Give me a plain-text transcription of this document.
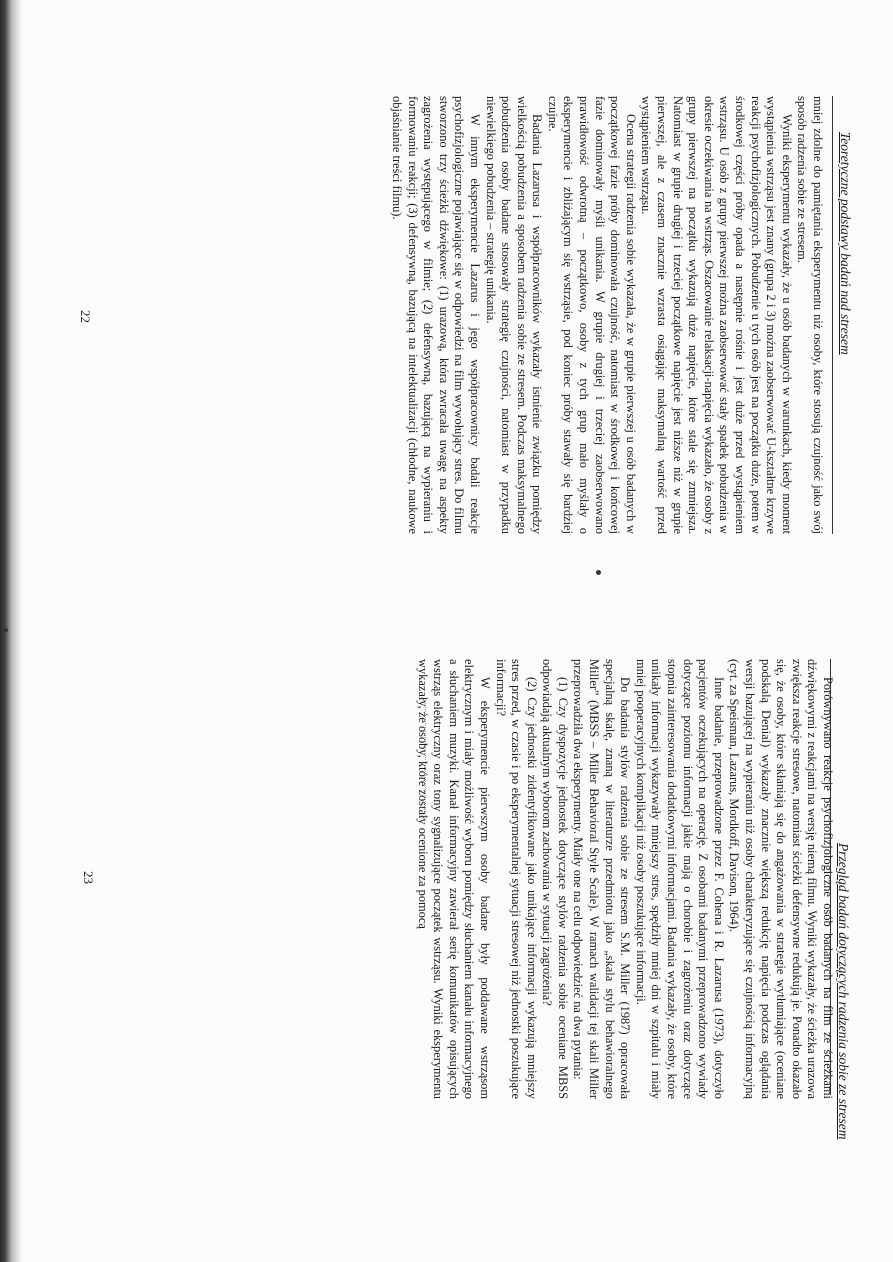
Teoretyczne podstawy badań nad stresem

mniej zdolne do pamiętania eksperymentu niż osoby, które stosują czujność jako swój sposób radzenia sobie ze stresem.

Wyniki eksperymentu wykazały, że u osób badanych w warunkach, kiedy moment wystąpienia wstrząsu jest znany (grupa 2 i 3) można zaobserwować U-kształtne krzywe reakcji psychofizjologicznych. Pobudzenie u tych osób jest na początku duże, potem w środkowej części próby opada a następnie rośnie i jest duże przed wystąpieniem wstrząsu. U osób z grupy pierwszej można zaobserwować stały spadek pobudzenia w okresie oczekiwania na wstrząs. Oszacowanie relaksacji-napięcia wykazało, że osoby z grupy pierwszej na początku wykazują duże napięcie, które stale się zmniejsza. Natomiast w grupie drugiej i trzeciej początkowe napięcie jest niższe niż w grupie pierwszej, ale z czasem znacznie wzrasta osiągając maksymalną wartość przed wystąpieniem wstrząsu.

Ocena strategii radzenia sobie wykazała, że w grupie pierwszej u osób badanych w początkowej fazie próby dominowała czujność, natomiast w środkowej i końcowej fazie dominowały myśli unikania. W grupie drugiej i trzeciej zaobserwowano prawidłowość odwrotną – początkowo, osoby z tych grup mało myślały o eksperymencie i zbliżającym się wstrząsie, pod koniec próby stawały się bardziej czujne.

Badania Lazarusa i współpracowników wykazały istnienie związku pomiędzy wielkością pobudzenia a sposobem radzenia sobie ze stresem. Podczas maksymalnego pobudzenia osoby badane stosowały strategię czujności, natomiast w przypadku niewielkiego pobudzenia – strategię unikania.

W innym eksperymencie Lazarus i jego współpracownicy badali reakcje psychofizjologiczne pojawiające się w odpowiedzi na film wywołujący stres. Do filmu stworzono trzy ścieżki dźwiękowe: (1) urazową, która zwracała uwagę na aspekty zagrożenia występującego w filmie; (2) defensywną, bazującą na wypieraniu i formowaniu reakcji; (3) defensywną, bazującą na intelektualizacji (chłodne, naukowe objaśnianie treści filmu).

22
Przegląd badań dotyczących radzenia sobie ze stresem

Porównywano reakcje psychofizjologiczne osób badanych na film ze ścieżkami dźwiękowymi z reakcjami na wersję niemą filmu. Wyniki wykazały, że ścieżka urazowa zwiększa reakcje stresowe, natomiast ścieżki defensywne redukują je. Ponadto okazało się, że osoby, które skłaniają się do angażowania w strategie wytłumiające (oceniane podskalą Denial) wykazały znacznie większą redukcję napięcia podczas oglądania wersji bazującej na wypieraniu niż osoby charakteryzujące się czujnością informacyjną (cyt. za Speisman, Lazarus, Mordkoff, Davison, 1964).

Inne badanie, przeprowadzone przez F. Cohena i R. Lazarusa (1973), dotyczyło pacjentów oczekujących na operację. Z osobami badanymi przeprowadzono wywiady dotyczące poziomu informacji jakie mają o chorobie i zagrożeniu oraz dotyczące stopnia zainteresowania dodatkowymi informacjami. Badania wykazały, że osoby, które unikały informacji wykazywały mniejszy stres, spędziły mniej dni w szpitalu i miały mniej pooperacyjnych komplikacji niż osoby poszukujące informacji.

Do badania stylów radzenia sobie ze stresem S.M. Miller (1987) opracowała specjalną skalę, znaną w literaturze przedmiotu jako „skala stylu behawioralnego Miller” (MBSS – Miller Behavioral Style Scale). W ramach walidacji tej skali Miller przeprowadziła dwa eksperymenty. Miały one na celu odpowiedzieć na dwa pytania:

(1) Czy dyspozycje jednostek dotyczące stylów radzenia sobie oceniane MBSS odpowiadają aktualnym wyborom zachowania w sytuacji zagrożenia?

(2) Czy jednostki zidentyfikowane jako unikające informacji wykazują mniejszy stres przed, w czasie i po eksperymentalnej sytuacji stresowej niż jednostki poszukujące informacji?

W eksperymencie pierwszym osoby badane były poddawane wstrząsom elektrycznym i miały możliwość wyboru pomiędzy słuchaniem kanału informacyjnego a słuchaniem muzyki. Kanał informacyjny zawierał serię komunikatów opisujących wstrząs elektryczny oraz tony sygnalizujące początek wstrząsu. Wyniki eksperymentu wykazały, że osoby, które zostały ocenione za pomocą

23
